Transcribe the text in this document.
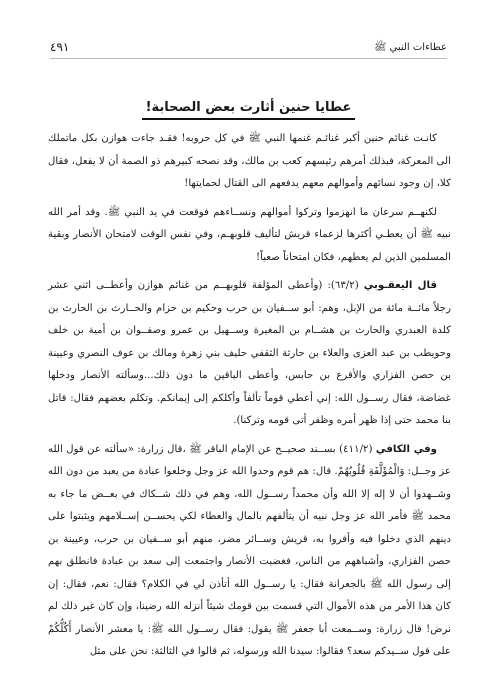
٤٩١	عطاءات النبي ﷺ
عطايا حنين أثارت بعض الصحابة!

كانـت غنائم حنين أكبر غنائـم غنمها النبي ﷺ في كل حروبه! فقـد جاءت هوازن بكل ماتملك الى المعركة، فبذلك أمرهم رئيسهم كعب بن مالك، وقد نصحه كبيرهم ذو الصمة أن لا يفعل، فقال كلا، إن وجود نسائهم وأموالهم معهم يدفعهم الى القتال لحمايتها!

لكنهــم سرعان ما انهزموا وتركوا أموالهم ونســاءهم فوقعت في يد النبي ﷺ. وقد أمر الله نبيه ﷺ أن يعطـي أكثرها لزعماء قريش لتأليف قلوبهـم، وفي نفس الوقت لامتحان الأنصار وبقية المسلمين الذين لم يعطهم، فكان امتحاناً صعباً!

قال اليعقـوبي (٦٣/٢): (وأعطى المؤلفة قلوبهــم من غنائم هوازن وأعطــى اثني عشر رجلاً مائــة مائة من الإبل، وهم: أبو ســفيان بن حرب وحكيم بن حزام والحــارث بن الحارث بن كلدة العبدري والحارث بن هشــام بن المغيرة وســهيل بن عمرو وصفــوان بن أمية بن خلف وحويطب بن عبد العزى والعلاء بن حارثة الثقفي حليف بني زهرة ومالك بن عوف النصري وعيينة بن حصن الفزاري والأقرع بن حابس، وأعطى الباقين ما دون ذلك...وسألته الأنصار ودخلها غضاضة، فقال رســول الله: إني أعطي قوماً تألفاً وأكلكم إلى إيمانكم. وتكلم بعضهم فقال: قاتل بنا محمد حتى إذا ظهر أمره وظفر أتى قومه وتركنا).

وفي الكافي (٤١١/٢) بســند صحيــح عن الإمام الباقر ﷺ ،قال زرارة: «سألته عن قول الله عز وجــل: وَالْمُؤَلَّفَةِ قُلُوبُهُمْ. قال: هم قوم وحدوا الله عز وجل وخلعوا عبادة من يعبد من دون الله وشــهدوا أن لا إله إلا الله وأن محمداً رســول الله، وهم في ذلك شــكاك في بعــض ما جاء به محمد ﷺ فأمر الله عز وجل نبيه أن يتألفهم بالمال والعطاء لكي يحســن إســلامهم ويثبتوا على دينهم الذي دخلوا فيه وأقروا به، قريش وســائر مضر، منهم أبو ســفيان بن حرب، وعيينة بن حصن الفزاري، وأشباههم من الناس، فغضبت الأنصار واجتمعت إلى سعد بن عبادة فانطلق بهم إلى رسول الله ﷺ بالجعرانة فقال: يا رســول الله أتأذن لي في الكلام؟ فقال: نعم، فقال: إن كان هذا الأمر من هذه الأموال التي قسمت بين قومك شيئاً أنزله الله رضينا، وإن كان غير ذلك لم نرض! قال زرارة: وســمعت أبا جعفر ﷺ يقول: فقال رســول الله ﷺ: يا معشر الأنصار أَكُلُّكُمْ على قول ســيدكم سعد؟ فقالوا: سيدنا الله ورسوله، ثم قالوا في الثالثة: نحن على مثل
